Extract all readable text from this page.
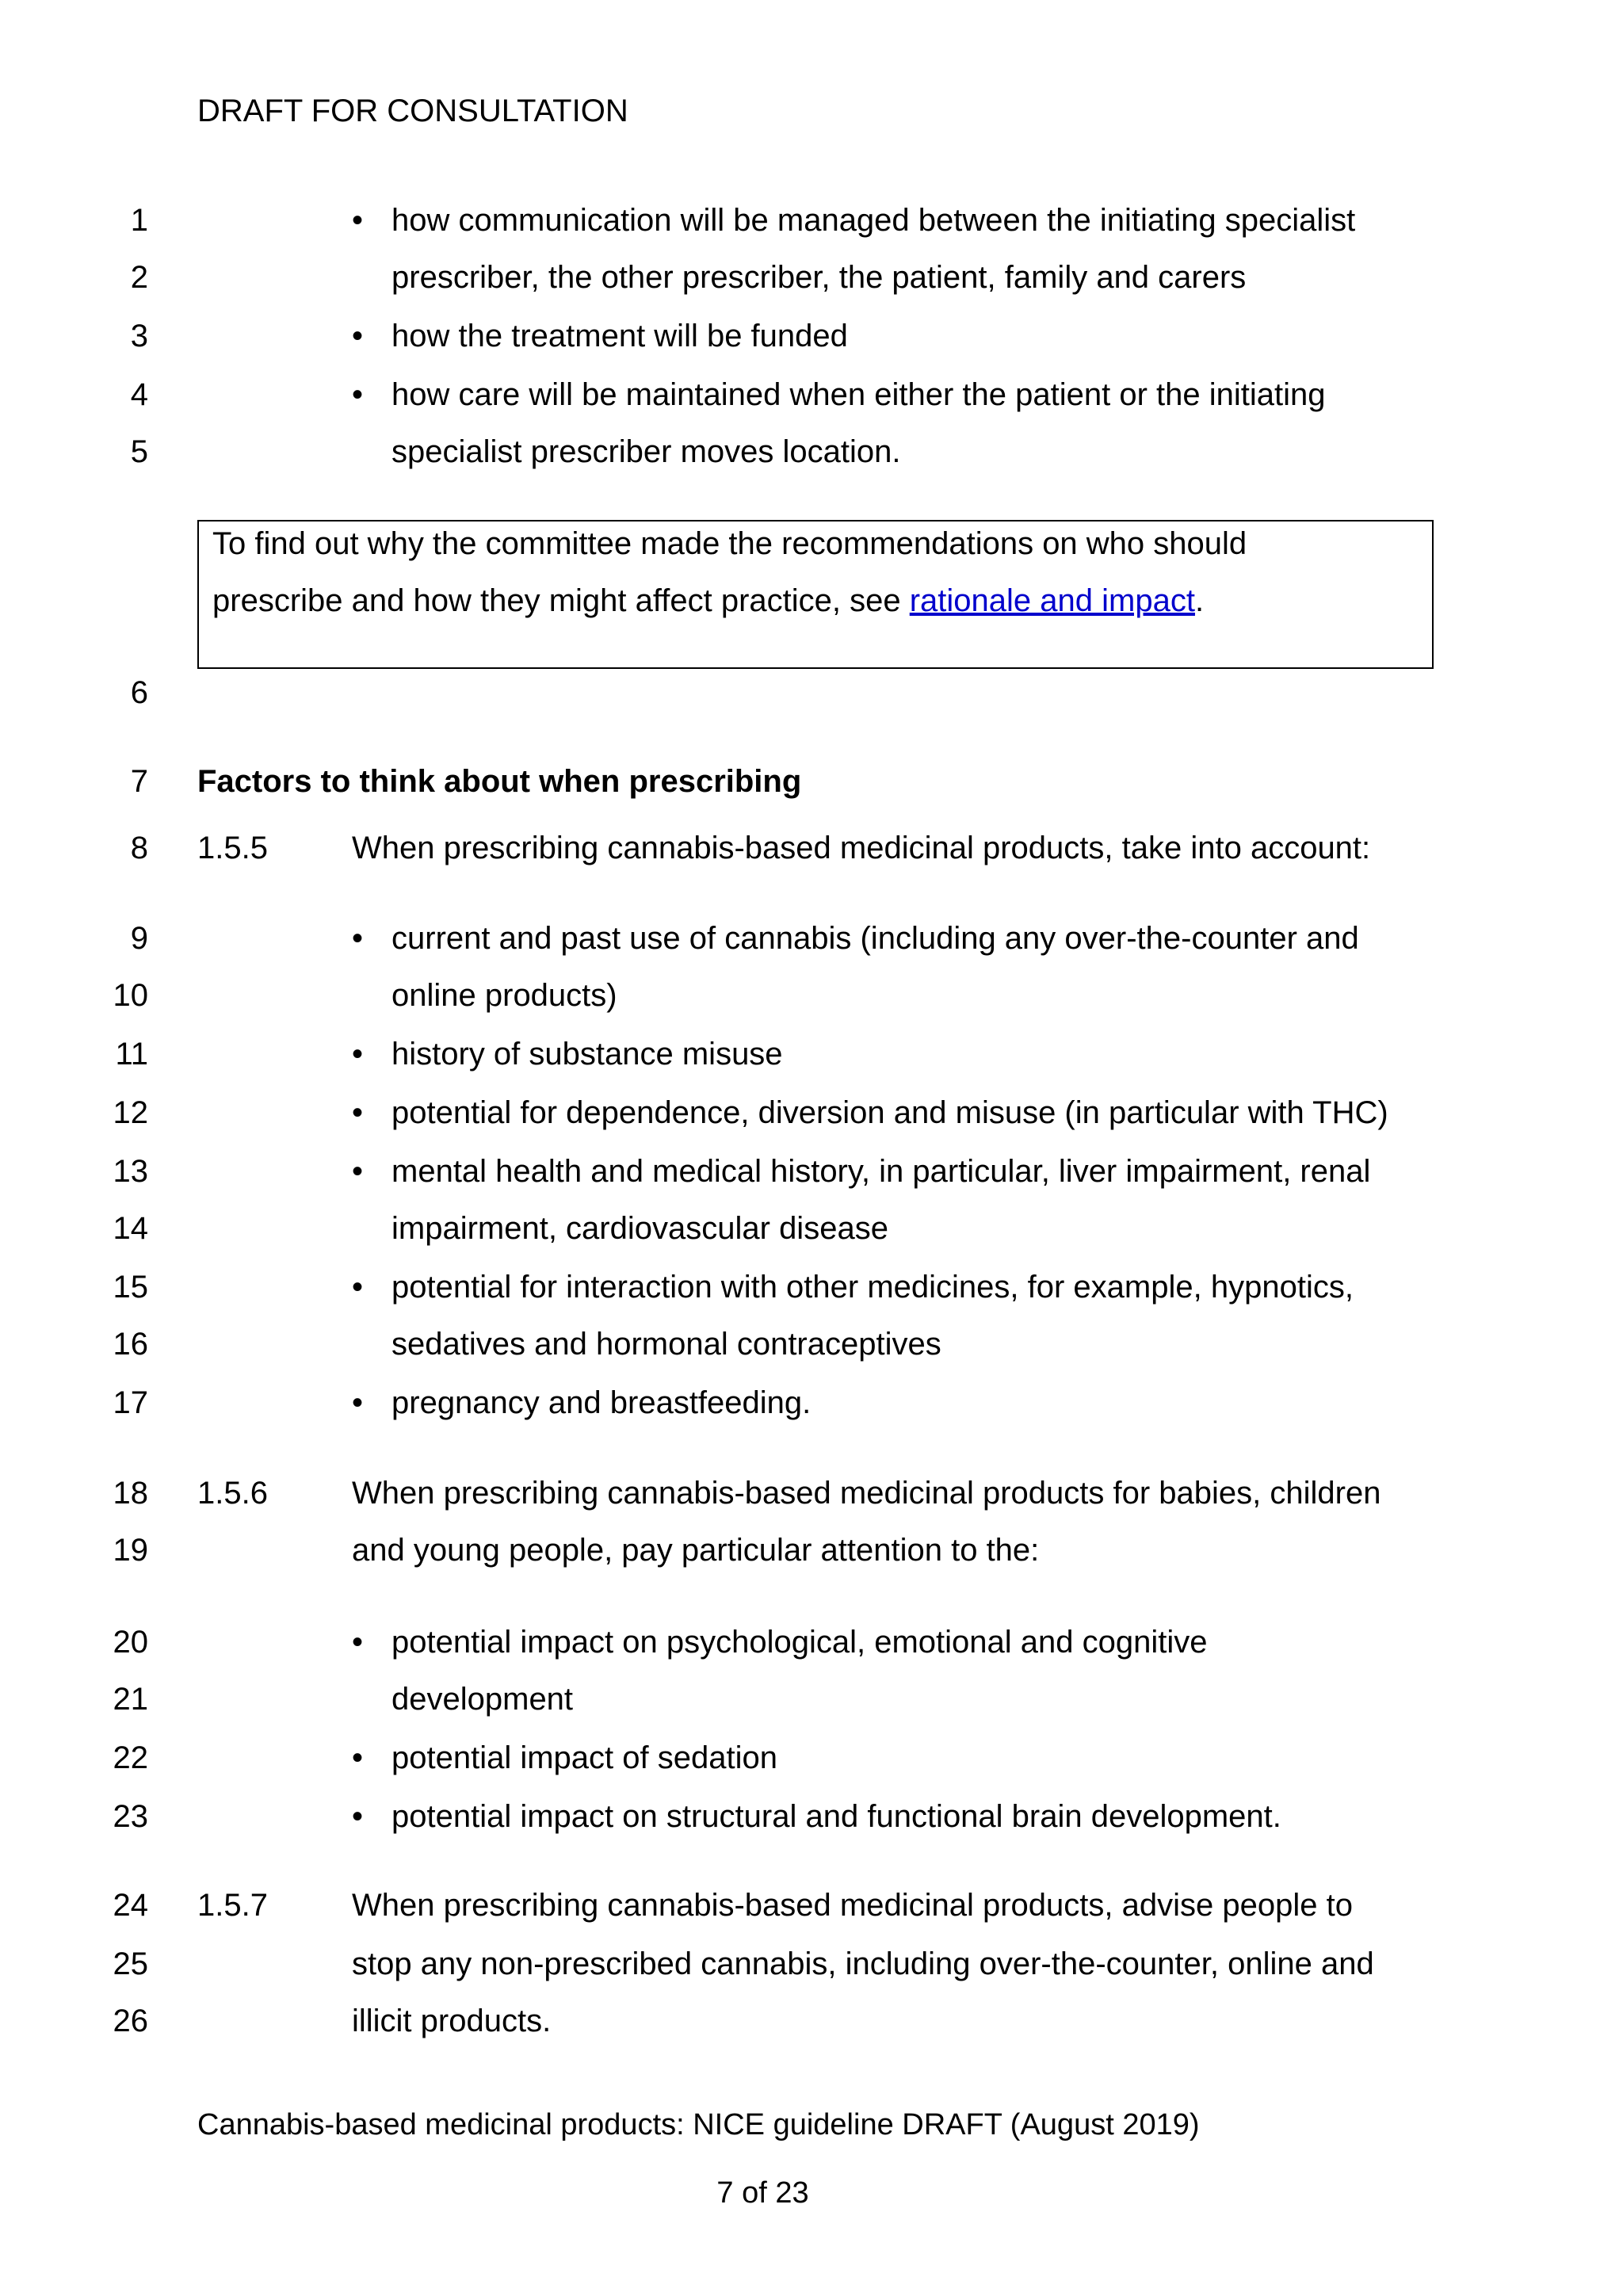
DRAFT FOR CONSULTATION
1
2
3
4
5
6
7
8
9
10
11
12
13
14
15
16
17
18
19
20
21
22
23
24
25
26
• how communication will be managed between the initiating specialist
prescriber, the other prescriber, the patient, family and carers
• how the treatment will be funded
• how care will be maintained when either the patient or the initiating
specialist prescriber moves location.
To find out why the committee made the recommendations on who should
prescribe and how they might affect practice, see rationale and impact.
Factors to think about when prescribing
1.5.5	When prescribing cannabis-based medicinal products, take into account:
• current and past use of cannabis (including any over-the-counter and
online products)
• history of substance misuse
• potential for dependence, diversion and misuse (in particular with THC)
• mental health and medical history, in particular, liver impairment, renal
impairment, cardiovascular disease
• potential for interaction with other medicines, for example, hypnotics,
sedatives and hormonal contraceptives
• pregnancy and breastfeeding.
1.5.6	When prescribing cannabis-based medicinal products for babies, children
and young people, pay particular attention to the:
• potential impact on psychological, emotional and cognitive
development
• potential impact of sedation
• potential impact on structural and functional brain development.
1.5.7	When prescribing cannabis-based medicinal products, advise people to
stop any non-prescribed cannabis, including over-the-counter, online and
illicit products.
Cannabis-based medicinal products: NICE guideline DRAFT (August 2019)
7 of 23
